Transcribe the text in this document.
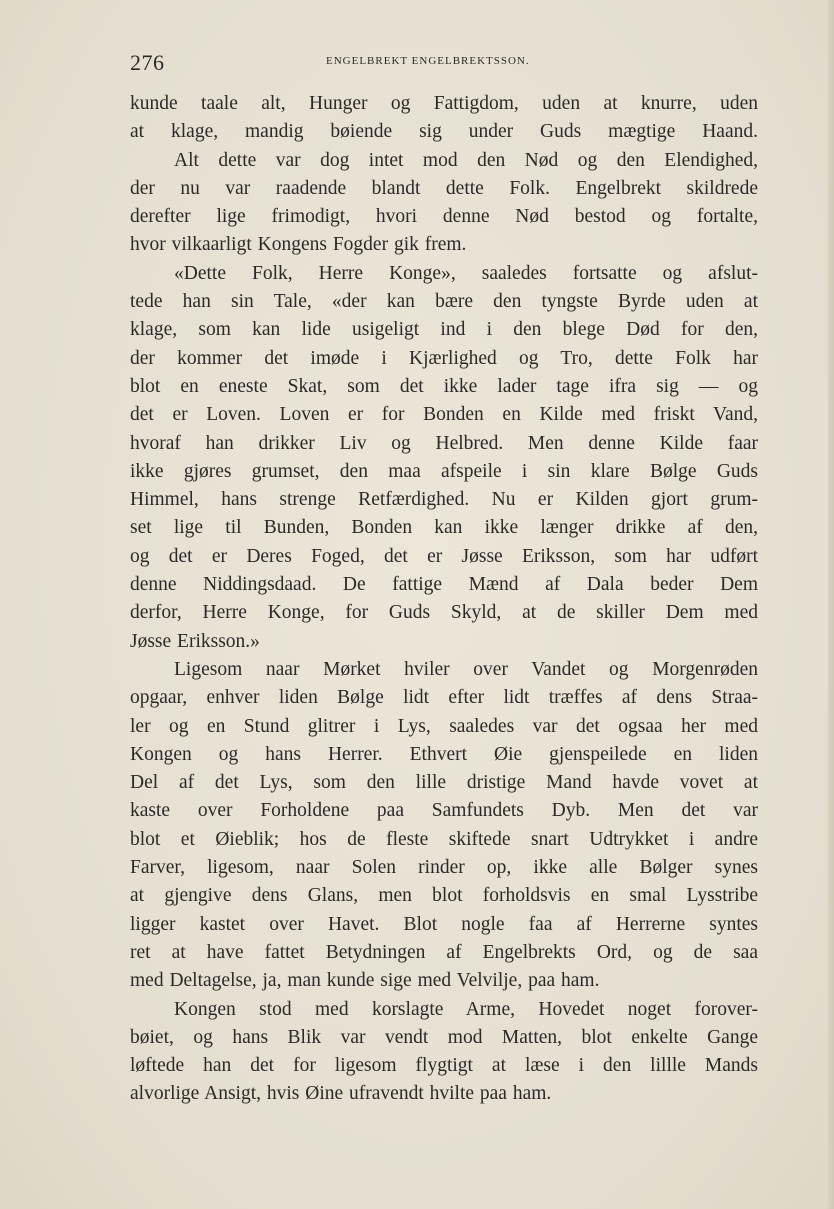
276	ENGELBREKT ENGELBREKTSSON.
kunde taale alt, Hunger og Fattigdom, uden at knurre, uden
at klage, mandig bøiende sig under Guds mægtige Haand.
Alt dette var dog intet mod den Nød og den Elendighed,
der nu var raadende blandt dette Folk. Engelbrekt skildrede
derefter lige frimodigt, hvori denne Nød bestod og fortalte,
hvor vilkaarligt Kongens Fogder gik frem.
«Dette Folk, Herre Konge», saaledes fortsatte og afslut-
tede han sin Tale, «der kan bære den tyngste Byrde uden at
klage, som kan lide usigeligt ind i den blege Død for den,
der kommer det imøde i Kjærlighed og Tro, dette Folk har
blot en eneste Skat, som det ikke lader tage ifra sig — og
det er Loven. Loven er for Bonden en Kilde med friskt Vand,
hvoraf han drikker Liv og Helbred. Men denne Kilde faar
ikke gjøres grumset, den maa afspeile i sin klare Bølge Guds
Himmel, hans strenge Retfærdighed. Nu er Kilden gjort grum-
set lige til Bunden, Bonden kan ikke længer drikke af den,
og det er Deres Foged, det er Jøsse Eriksson, som har udført
denne Niddingsdaad. De fattige Mænd af Dala beder Dem
derfor, Herre Konge, for Guds Skyld, at de skiller Dem med
Jøsse Eriksson.»
Ligesom naar Mørket hviler over Vandet og Morgenrøden
opgaar, enhver liden Bølge lidt efter lidt træffes af dens Straa-
ler og en Stund glitrer i Lys, saaledes var det ogsaa her med
Kongen og hans Herrer. Ethvert Øie gjenspeilede en liden
Del af det Lys, som den lille dristige Mand havde vovet at
kaste over Forholdene paa Samfundets Dyb. Men det var
blot et Øieblik; hos de fleste skiftede snart Udtrykket i andre
Farver, ligesom, naar Solen rinder op, ikke alle Bølger synes
at gjengive dens Glans, men blot forholdsvis en smal Lysstribe
ligger kastet over Havet. Blot nogle faa af Herrerne syntes
ret at have fattet Betydningen af Engelbrekts Ord, og de saa
med Deltagelse, ja, man kunde sige med Velvilje, paa ham.
Kongen stod med korslagte Arme, Hovedet noget forover-
bøiet, og hans Blik var vendt mod Matten, blot enkelte Gange
løftede han det for ligesom flygtigt at læse i den lillle Mands
alvorlige Ansigt, hvis Øine ufravendt hvilte paa ham.
